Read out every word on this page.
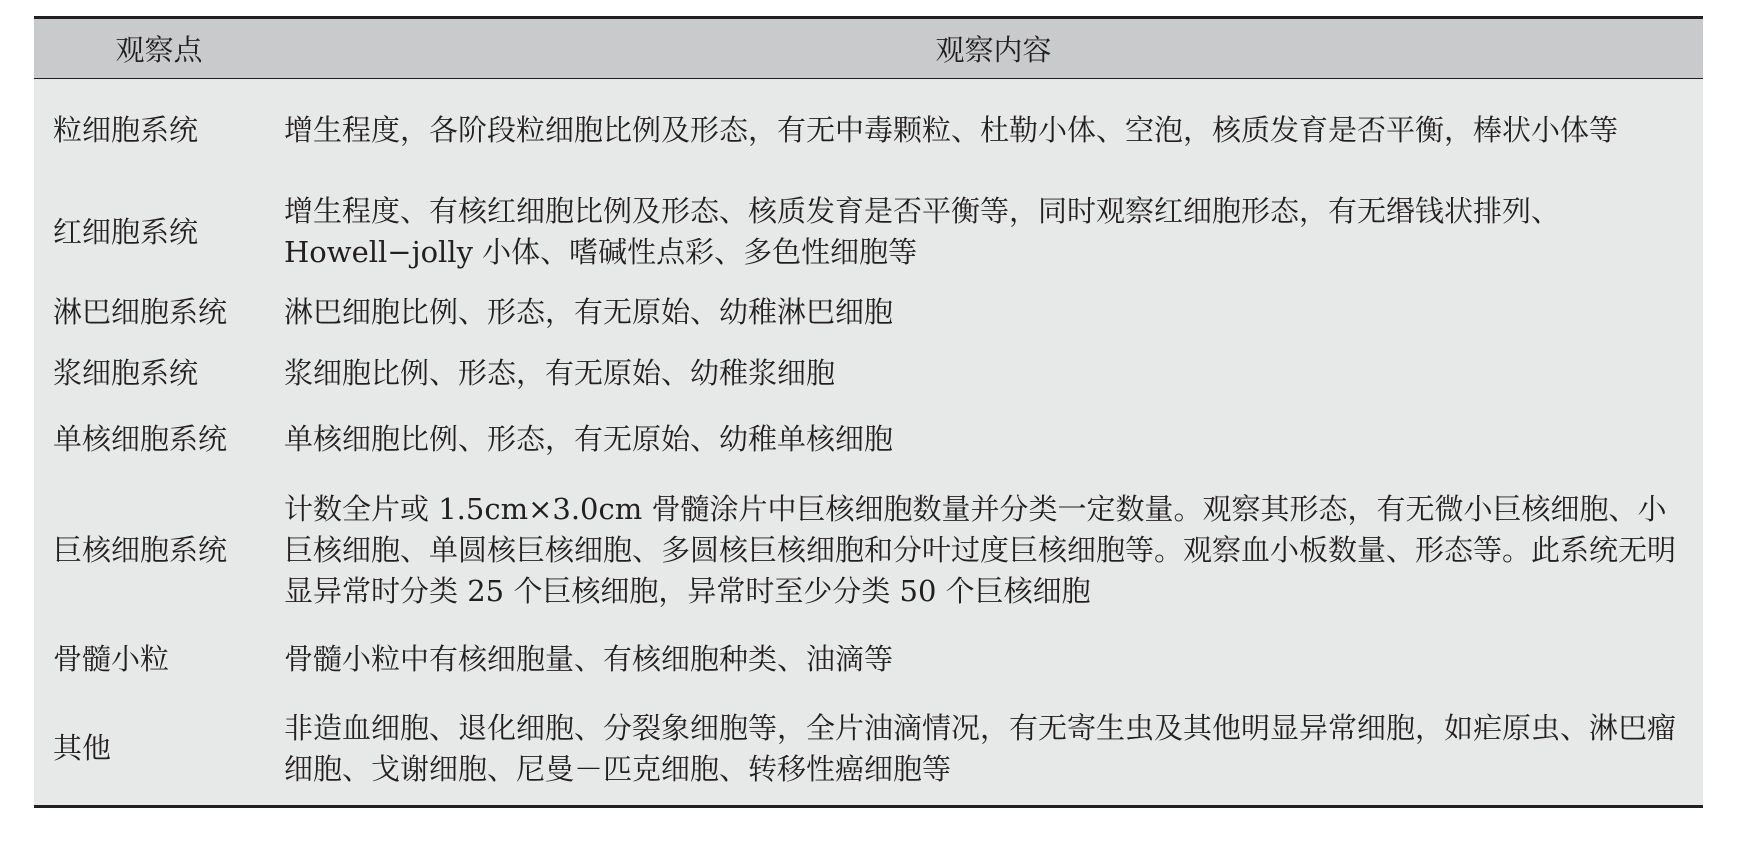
观察点	观察内容
粒细胞系统	增生程度，各阶段粒细胞比例及形态，有无中毒颗粒、杜勒小体、空泡，核质发育是否平衡，棒状小体等
红细胞系统	增生程度、有核红细胞比例及形态、核质发育是否平衡等，同时观察红细胞形态，有无缗钱状排列、Howell−jolly 小体、嗜碱性点彩、多色性细胞等
淋巴细胞系统	淋巴细胞比例、形态，有无原始、幼稚淋巴细胞
浆细胞系统	浆细胞比例、形态，有无原始、幼稚浆细胞
单核细胞系统	单核细胞比例、形态，有无原始、幼稚单核细胞
巨核细胞系统	计数全片或 1.5cm×3.0cm 骨髓涂片中巨核细胞数量并分类一定数量。观察其形态，有无微小巨核细胞、小巨核细胞、单圆核巨核细胞、多圆核巨核细胞和分叶过度巨核细胞等。观察血小板数量、形态等。此系统无明显异常时分类 25 个巨核细胞，异常时至少分类 50 个巨核细胞
骨髓小粒	骨髓小粒中有核细胞量、有核细胞种类、油滴等
其他	非造血细胞、退化细胞、分裂象细胞等，全片油滴情况，有无寄生虫及其他明显异常细胞，如疟原虫、淋巴瘤细胞、戈谢细胞、尼曼－匹克细胞、转移性癌细胞等
